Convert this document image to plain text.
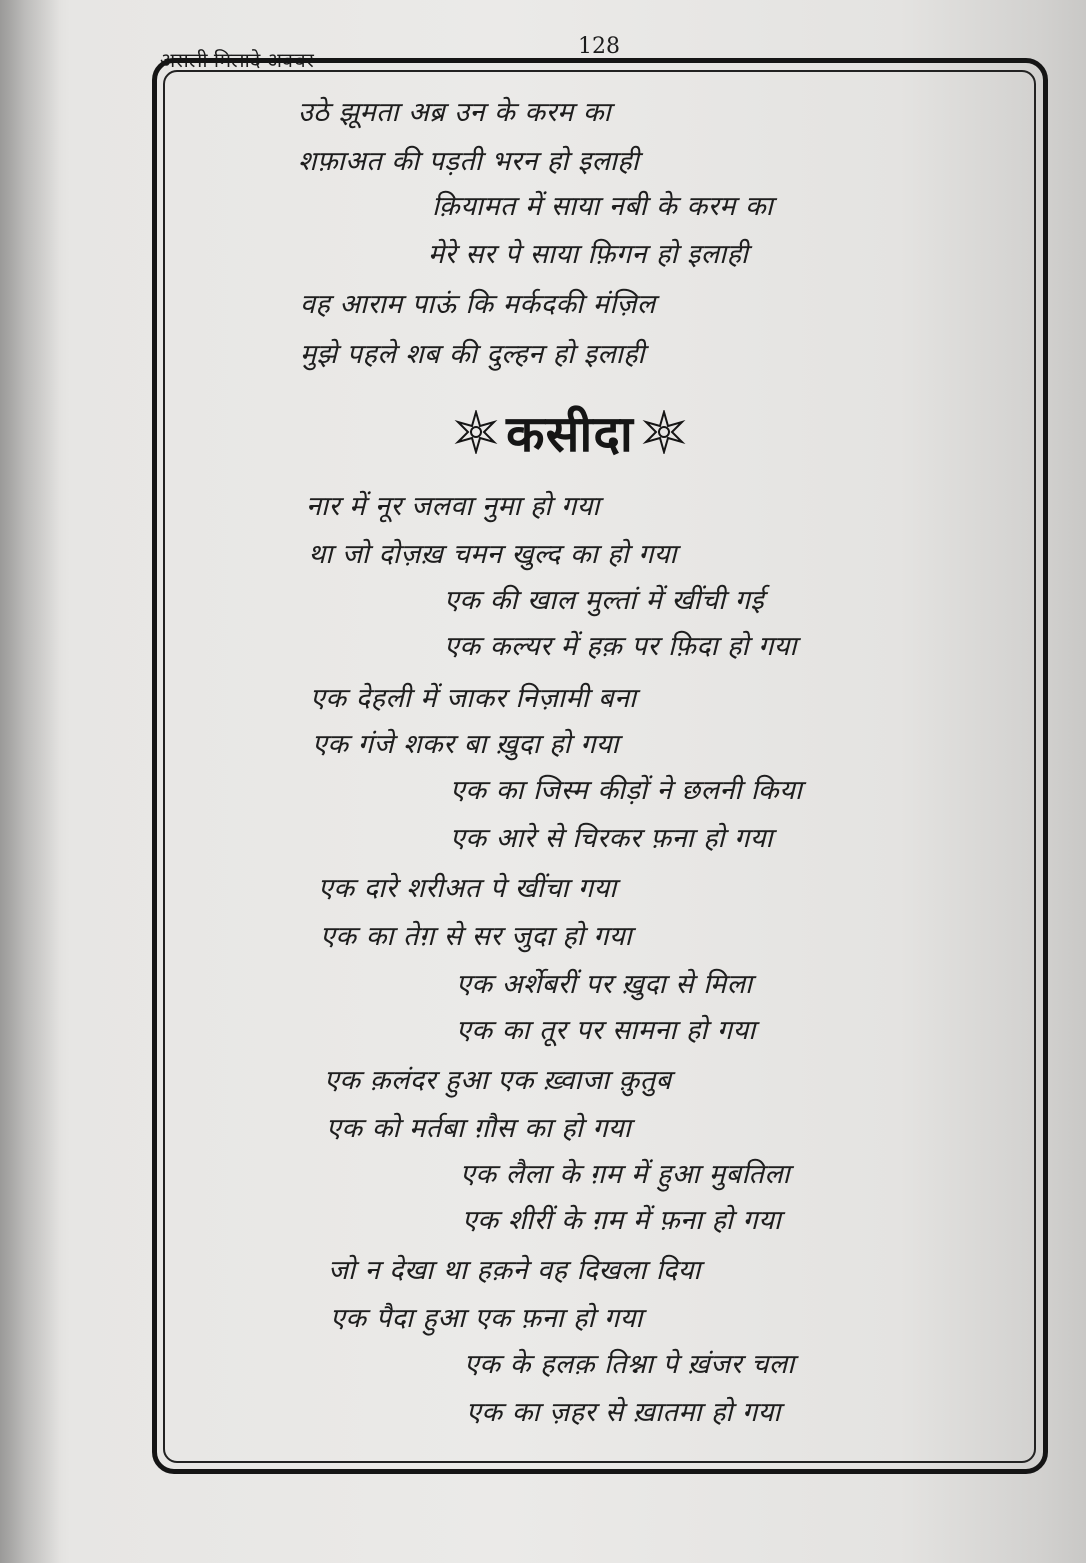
असली मिलादे अक्बर
128
उठे झूमता अब्र उन के करम का
शफ़ाअत की पड़ती भरन हो इलाही
क़ियामत में साया नबी के करम का
मेरे सर पे साया फ़िगन हो इलाही
वह आराम पाऊं कि मर्कदकी मंज़िल
मुझे पहले शब की दुल्हन हो इलाही
कसीदा
नार में नूर जलवा नुमा हो गया
था जो दोज़ख़ चमन खुल्द का हो गया
एक की खाल मुल्तां में खींची गई
एक कल्यर में हक़ पर फ़िदा हो गया
एक देहली में जाकर निज़ामी बना
एक गंजे शकर बा ख़ुदा हो गया
एक का जिस्म कीड़ों ने छलनी किया
एक आरे से चिरकर फ़ना हो गया
एक दारे शरीअत पे खींचा गया
एक का तेग़ से सर जुदा हो गया
एक अर्शेबरीं पर ख़ुदा से मिला
एक का तूर पर सामना हो गया
एक क़लंदर हुआ एक ख़्वाजा क़ुतुब
एक को मर्तबा ग़ौस का हो गया
एक लैला के ग़म में हुआ मुबतिला
एक शीरीं के ग़म में फ़ना हो गया
जो न देखा था हक़ने वह दिखला दिया
एक पैदा हुआ एक फ़ना हो गया
एक के हलक़ तिश्ना पे ख़ंजर चला
एक का ज़हर से ख़ातमा हो गया
